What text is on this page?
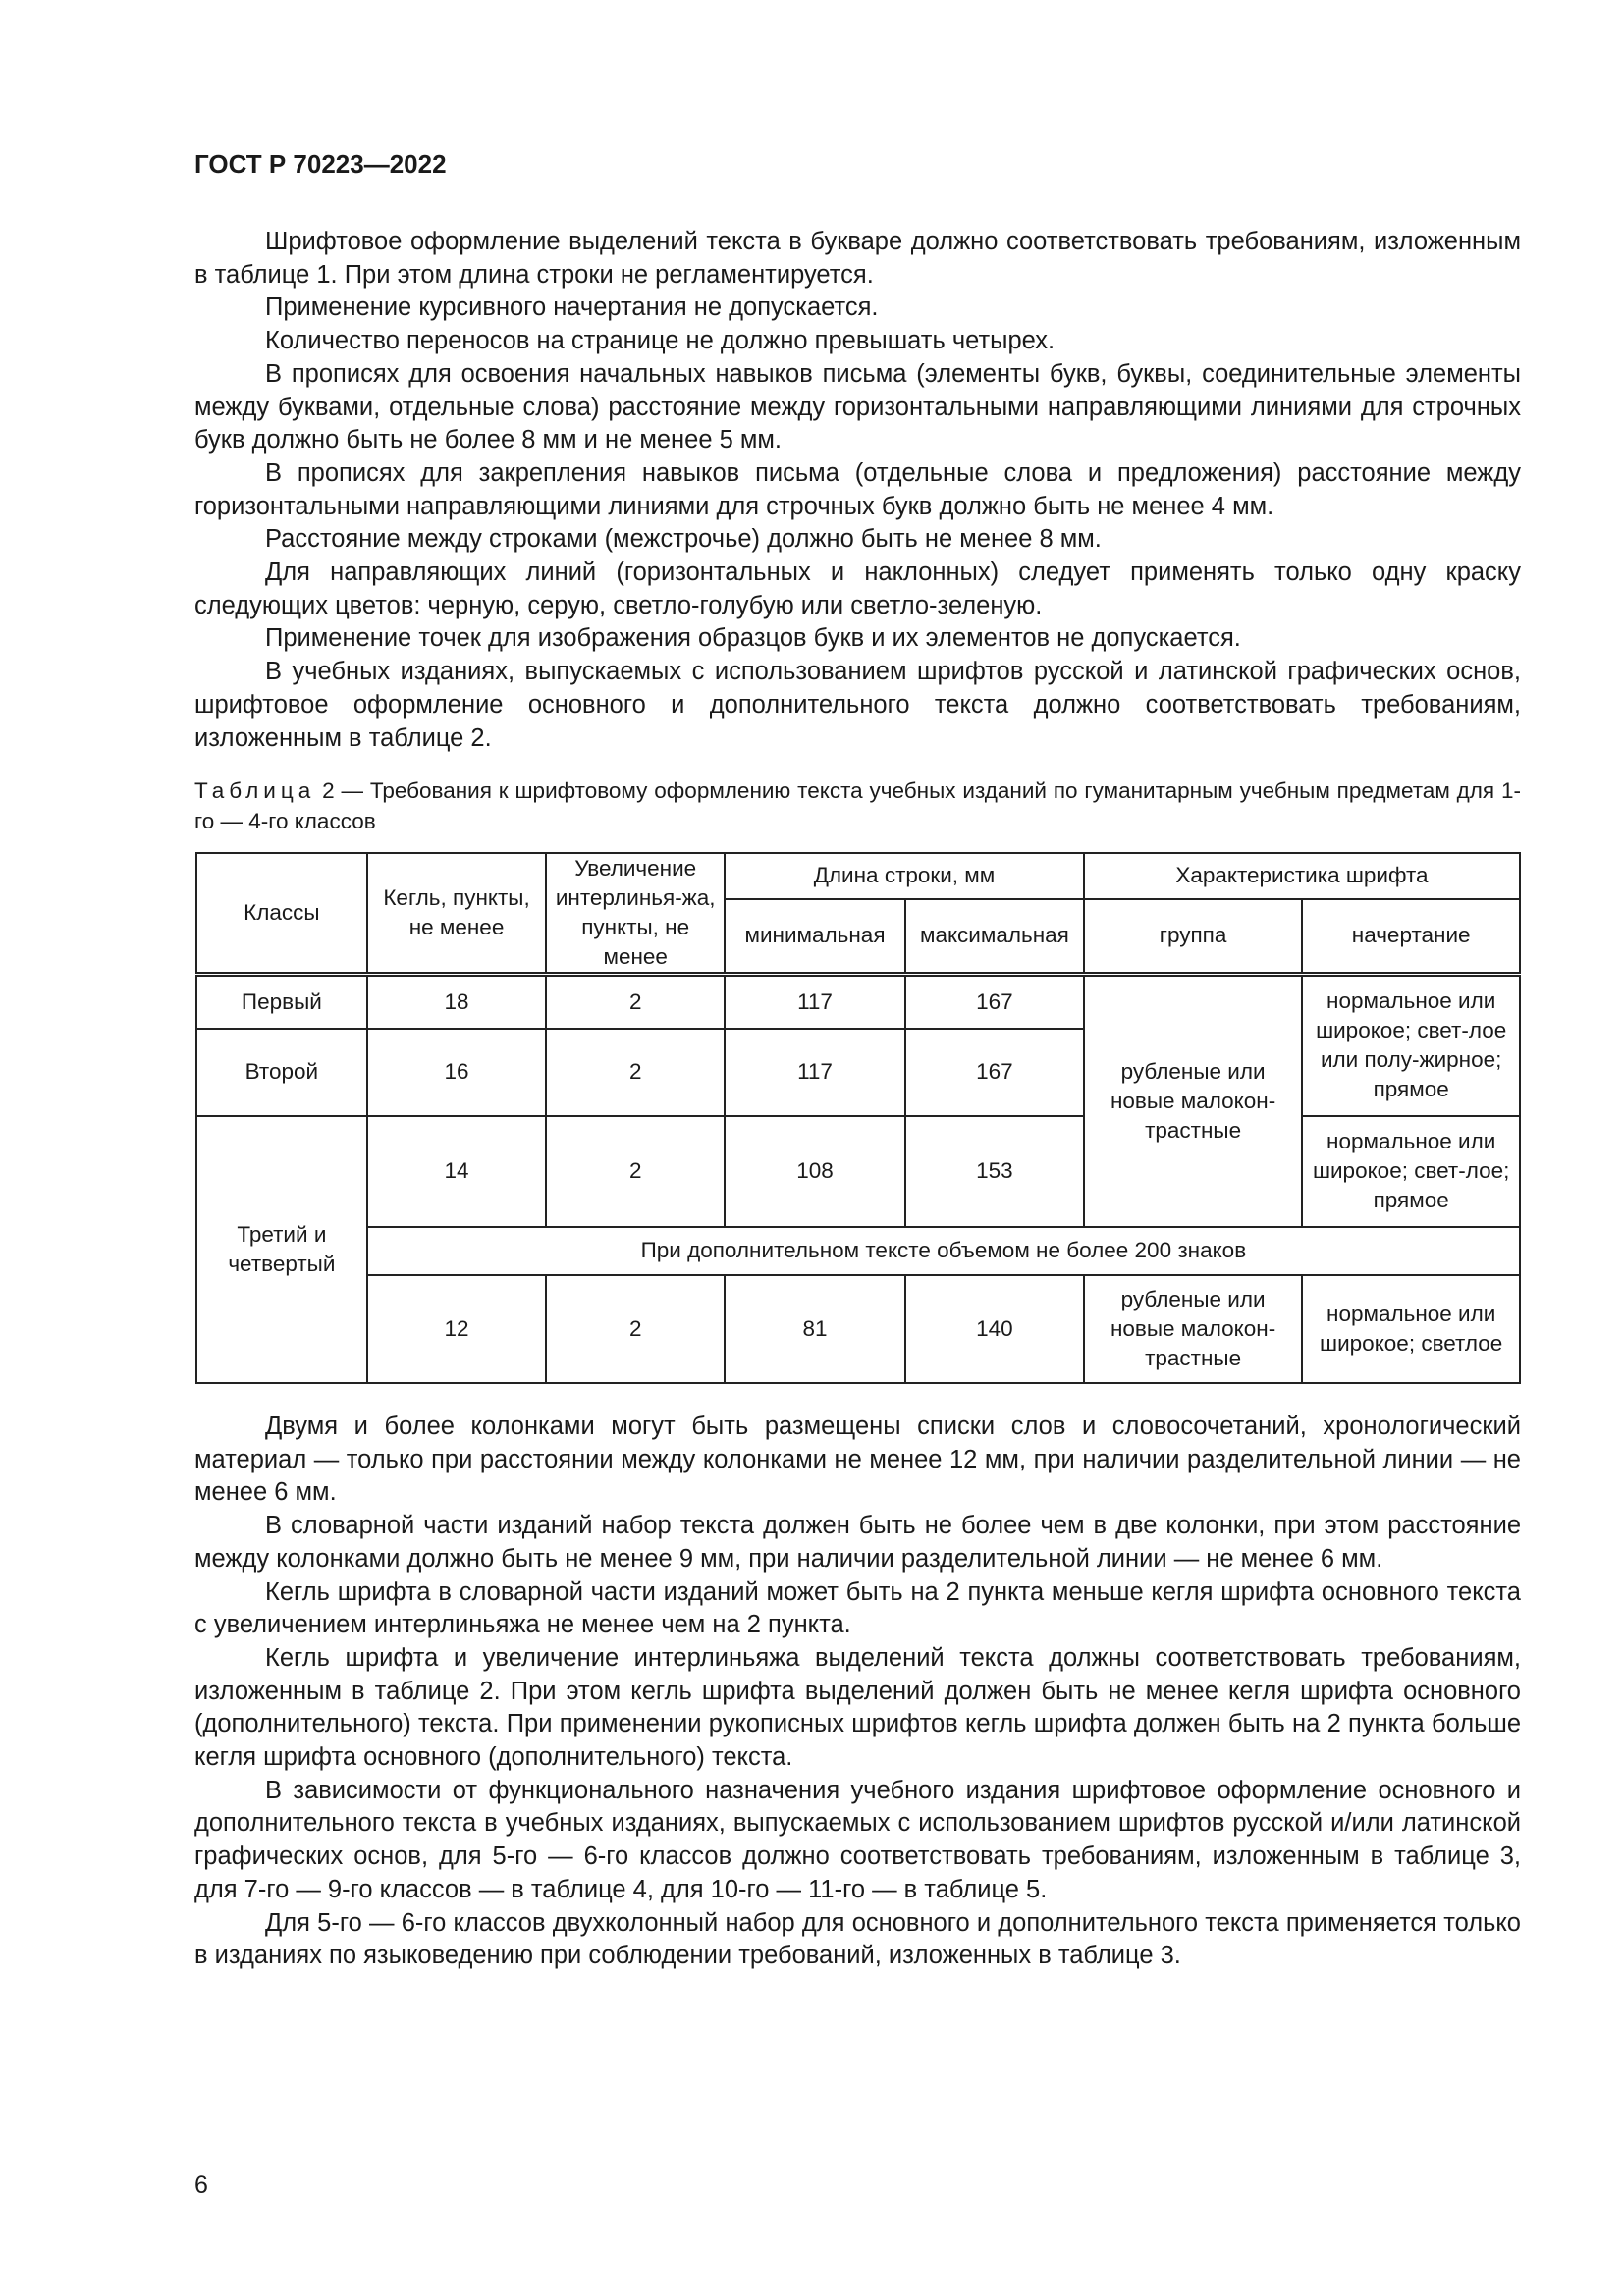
ГОСТ Р 70223—2022

Шрифтовое оформление выделений текста в букваре должно соответствовать требованиям, изложенным в таблице 1. При этом длина строки не регламентируется.

Применение курсивного начертания не допускается.

Количество переносов на странице не должно превышать четырех.

В прописях для освоения начальных навыков письма (элементы букв, буквы, соединительные элементы между буквами, отдельные слова) расстояние между горизонтальными направляющими линиями для строчных букв должно быть не более 8 мм и не менее 5 мм.

В прописях для закрепления навыков письма (отдельные слова и предложения) расстояние между горизонтальными направляющими линиями для строчных букв должно быть не менее 4 мм.

Расстояние между строками (межстрочье) должно быть не менее 8 мм.

Для направляющих линий (горизонтальных и наклонных) следует применять только одну краску следующих цветов: черную, серую, светло-голубую или светло-зеленую.

Применение точек для изображения образцов букв и их элементов не допускается.

В учебных изданиях, выпускаемых с использованием шрифтов русской и латинской графических основ, шрифтовое оформление основного и дополнительного текста должно соответствовать требованиям, изложенным в таблице 2.

Таблица 2 — Требования к шрифтовому оформлению текста учебных изданий по гуманитарным учебным предметам для 1-го — 4-го классов
Классы	Кегль, пункты, не менее	Увеличение интерлинья-жа, пункты, не менее	Длина строки, мм		Характеристика шрифта	
			минимальная	максимальная	группа	начертание
Первый	18	2	117	167	рубленые или новые малокон-трастные	нормальное или широкое; свет-лое или полу-жирное; прямое
Второй	16	2	117	167		
Третий и четвертый	14	2	108	153		нормальное или широкое; свет-лое; прямое
	При дополнительном тексте объемом не более 200 знаков					
	12	2	81	140	рубленые или новые малокон-трастные	нормальное или широкое; светлое

Двумя и более колонками могут быть размещены списки слов и словосочетаний, хронологический материал — только при расстоянии между колонками не менее 12 мм, при наличии разделительной линии — не менее 6 мм.

В словарной части изданий набор текста должен быть не более чем в две колонки, при этом расстояние между колонками должно быть не менее 9 мм, при наличии разделительной линии — не менее 6 мм.

Кегль шрифта в словарной части изданий может быть на 2 пункта меньше кегля шрифта основного текста с увеличением интерлиньяжа не менее чем на 2 пункта.

Кегль шрифта и увеличение интерлиньяжа выделений текста должны соответствовать требованиям, изложенным в таблице 2. При этом кегль шрифта выделений должен быть не менее кегля шрифта основного (дополнительного) текста. При применении рукописных шрифтов кегль шрифта должен быть на 2 пункта больше кегля шрифта основного (дополнительного) текста.

В зависимости от функционального назначения учебного издания шрифтовое оформление основного и дополнительного текста в учебных изданиях, выпускаемых с использованием шрифтов русской и/или латинской графических основ, для 5-го — 6-го классов должно соответствовать требованиям, изложенным в таблице 3, для 7-го — 9-го классов — в таблице 4, для 10-го — 11-го — в таблице 5.

Для 5-го — 6-го классов двухколонный набор для основного и дополнительного текста применяется только в изданиях по языковедению при соблюдении требований, изложенных в таблице 3.

6
